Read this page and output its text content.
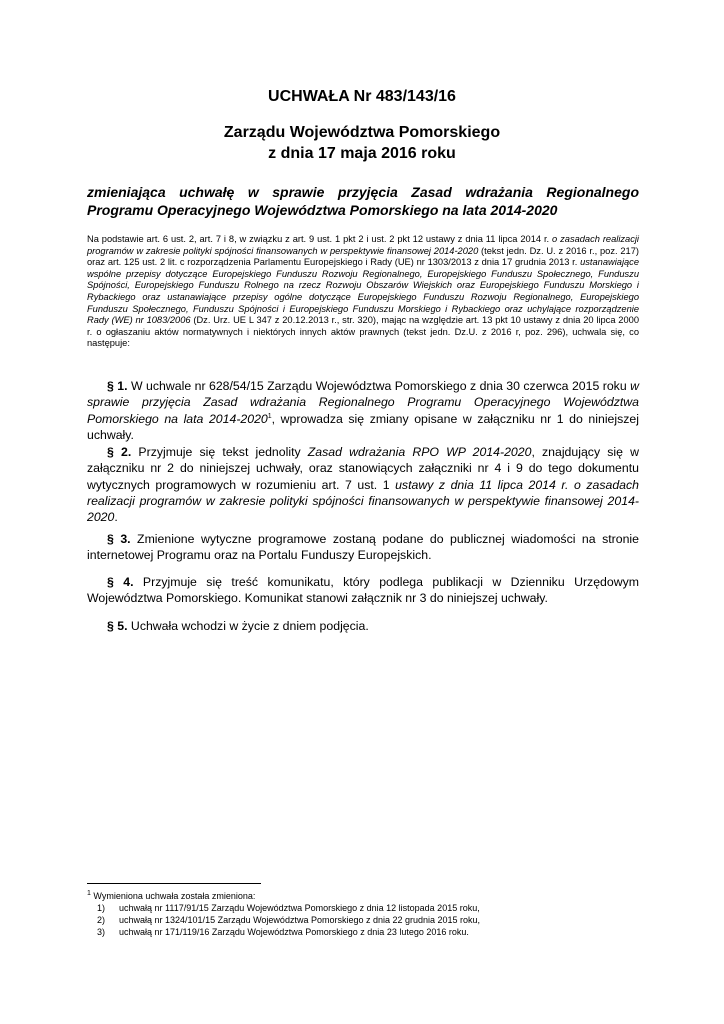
UCHWAŁA Nr 483/143/16
Zarządu Województwa Pomorskiego
z dnia 17 maja 2016 roku
zmieniająca uchwałę w sprawie przyjęcia Zasad wdrażania Regionalnego Programu Operacyjnego Województwa Pomorskiego na lata 2014-2020
Na podstawie art. 6 ust. 2, art. 7 i 8, w związku z art. 9 ust. 1 pkt 2 i ust. 2 pkt 12 ustawy z dnia 11 lipca 2014 r. o zasadach realizacji programów w zakresie polityki spójności finansowanych w perspektywie finansowej 2014-2020 (tekst jedn. Dz. U. z 2016 r., poz. 217) oraz art. 125 ust. 2 lit. c rozporządzenia Parlamentu Europejskiego i Rady (UE) nr 1303/2013 z dnia 17 grudnia 2013 r. ustanawiające wspólne przepisy dotyczące Europejskiego Funduszu Rozwoju Regionalnego, Europejskiego Funduszu Społecznego, Funduszu Spójności, Europejskiego Funduszu Rolnego na rzecz Rozwoju Obszarów Wiejskich oraz Europejskiego Funduszu Morskiego i Rybackiego oraz ustanawiające przepisy ogólne dotyczące Europejskiego Funduszu Rozwoju Regionalnego, Europejskiego Funduszu Społecznego, Funduszu Spójności i Europejskiego Funduszu Morskiego i Rybackiego oraz uchylające rozporządzenie Rady (WE) nr 1083/2006 (Dz. Urz. UE L 347 z 20.12.2013 r., str. 320), mając na względzie art. 13 pkt 10 ustawy z dnia 20 lipca 2000 r. o ogłaszaniu aktów normatywnych i niektórych innych aktów prawnych (tekst jedn. Dz.U. z 2016 r, poz. 296), uchwala się, co następuje:
§ 1. W uchwale nr 628/54/15 Zarządu Województwa Pomorskiego z dnia 30 czerwca 2015 roku w sprawie przyjęcia Zasad wdrażania Regionalnego Programu Operacyjnego Województwa Pomorskiego na lata 2014-2020$^1$, wprowadza się zmiany opisane w załączniku nr 1 do niniejszej uchwały.
§ 2. Przyjmuje się tekst jednolity Zasad wdrażania RPO WP 2014-2020, znajdujący się w załączniku nr 2 do niniejszej uchwały, oraz stanowiących załączniki nr 4 i 9 do tego dokumentu wytycznych programowych w rozumieniu art. 7 ust. 1 ustawy z dnia 11 lipca 2014 r. o zasadach realizacji programów w zakresie polityki spójności finansowanych w perspektywie finansowej 2014-2020.
§ 3. Zmienione wytyczne programowe zostaną podane do publicznej wiadomości na stronie internetowej Programu oraz na Portalu Funduszy Europejskich.
§ 4. Przyjmuje się treść komunikatu, który podlega publikacji w Dzienniku Urzędowym Województwa Pomorskiego. Komunikat stanowi załącznik nr 3 do niniejszej uchwały.
§ 5. Uchwała wchodzi w życie z dniem podjęcia.
$^1$ Wymieniona uchwała została zmieniona:
1)	uchwałą nr 1117/91/15 Zarządu Województwa Pomorskiego z dnia 12 listopada 2015 roku,
2)	uchwałą nr 1324/101/15 Zarządu Województwa Pomorskiego z dnia 22 grudnia 2015 roku,
3)	uchwałą nr 171/119/16 Zarządu Województwa Pomorskiego z dnia 23 lutego 2016 roku.
